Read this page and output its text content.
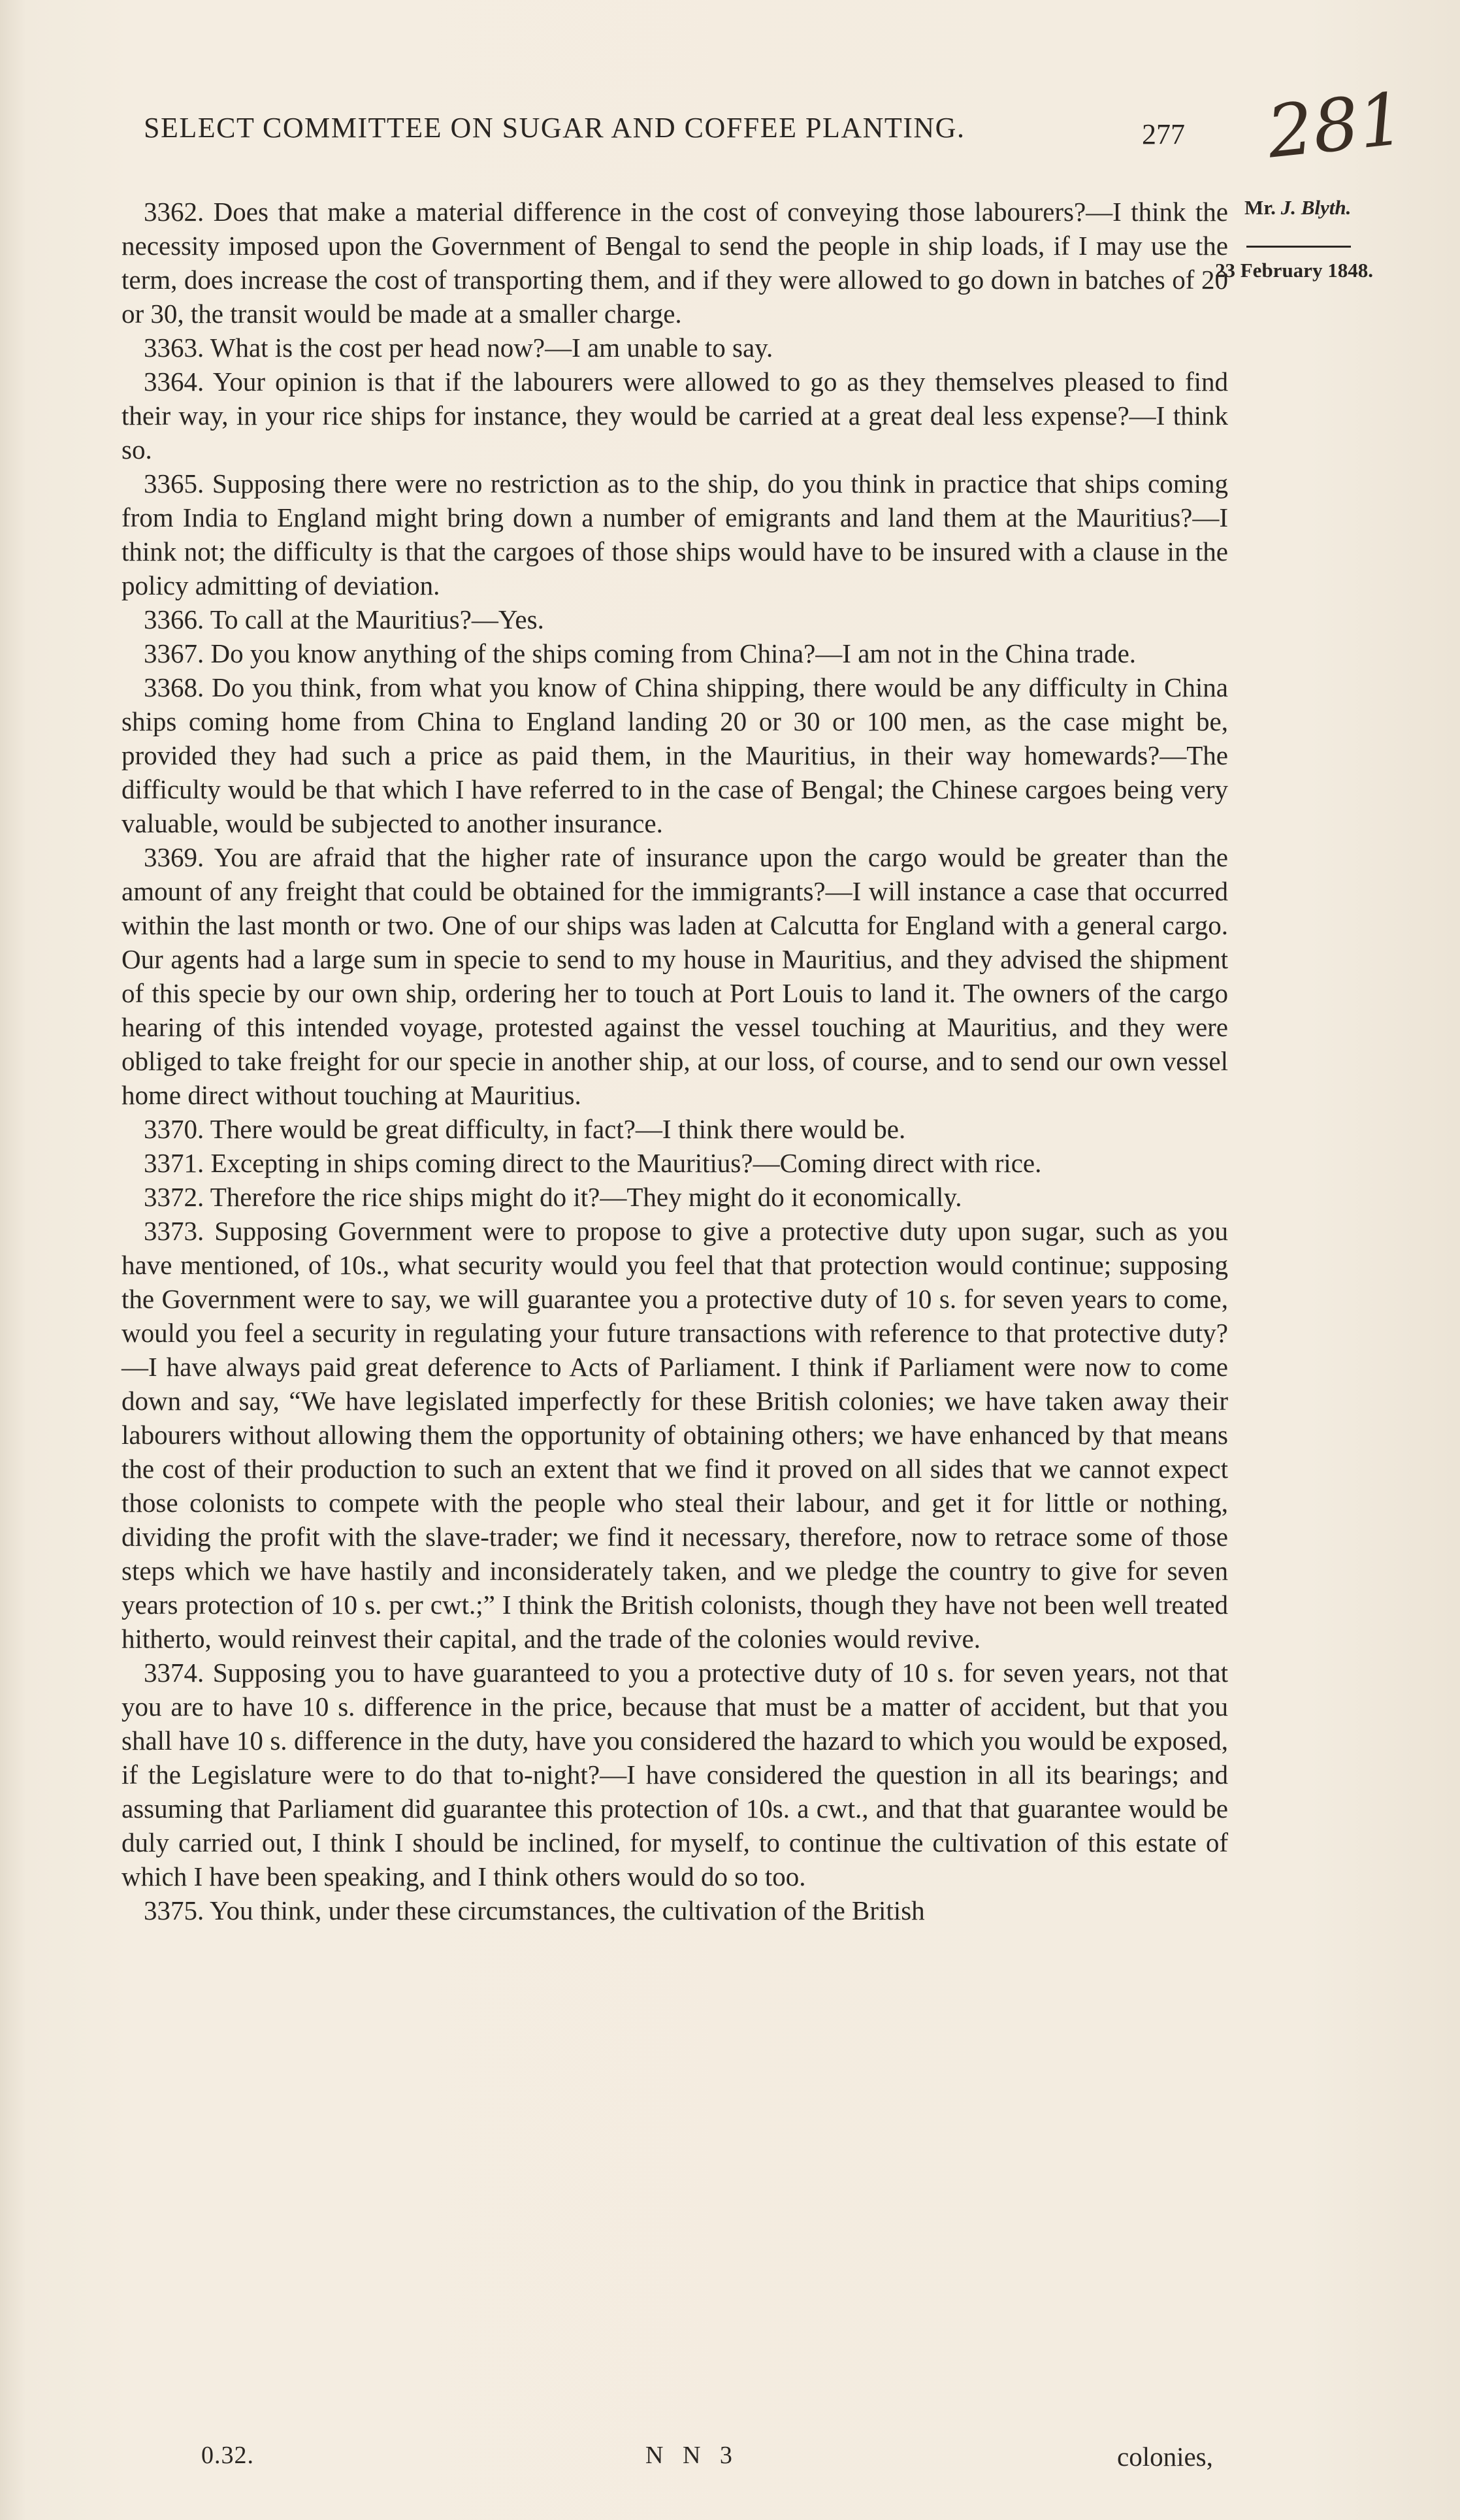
SELECT COMMITTEE ON SUGAR AND COFFEE PLANTING.	277 281
Mr. J. Blyth.
23 February 1848.

3362. Does that make a material difference in the cost of conveying those labourers?—I think the necessity imposed upon the Government of Bengal to send the people in ship loads, if I may use the term, does increase the cost of transporting them, and if they were allowed to go down in batches of 20 or 30, the transit would be made at a smaller charge.

3363. What is the cost per head now?—I am unable to say.

3364. Your opinion is that if the labourers were allowed to go as they themselves pleased to find their way, in your rice ships for instance, they would be carried at a great deal less expense?—I think so.

3365. Supposing there were no restriction as to the ship, do you think in practice that ships coming from India to England might bring down a number of emigrants and land them at the Mauritius?—I think not; the difficulty is that the cargoes of those ships would have to be insured with a clause in the policy admitting of deviation.

3366. To call at the Mauritius?—Yes.

3367. Do you know anything of the ships coming from China?—I am not in the China trade.

3368. Do you think, from what you know of China shipping, there would be any difficulty in China ships coming home from China to England landing 20 or 30 or 100 men, as the case might be, provided they had such a price as paid them, in the Mauritius, in their way homewards?—The difficulty would be that which I have referred to in the case of Bengal; the Chinese cargoes being very valuable, would be subjected to another insurance.

3369. You are afraid that the higher rate of insurance upon the cargo would be greater than the amount of any freight that could be obtained for the immigrants?—I will instance a case that occurred within the last month or two. One of our ships was laden at Calcutta for England with a general cargo. Our agents had a large sum in specie to send to my house in Mauritius, and they advised the shipment of this specie by our own ship, ordering her to touch at Port Louis to land it. The owners of the cargo hearing of this intended voyage, protested against the vessel touching at Mauritius, and they were obliged to take freight for our specie in another ship, at our loss, of course, and to send our own vessel home direct without touching at Mauritius.

3370. There would be great difficulty, in fact?—I think there would be.

3371. Excepting in ships coming direct to the Mauritius?—Coming direct with rice.

3372. Therefore the rice ships might do it?—They might do it economically.

3373. Supposing Government were to propose to give a protective duty upon sugar, such as you have mentioned, of 10s., what security would you feel that that protection would continue; supposing the Government were to say, we will guarantee you a protective duty of 10 s. for seven years to come, would you feel a security in regulating your future transactions with reference to that protective duty?—I have always paid great deference to Acts of Parliament. I think if Parliament were now to come down and say, “We have legislated imperfectly for these British colonies; we have taken away their labourers without allowing them the opportunity of obtaining others; we have enhanced by that means the cost of their production to such an extent that we find it proved on all sides that we cannot expect those colonists to compete with the people who steal their labour, and get it for little or nothing, dividing the profit with the slave-trader; we find it necessary, therefore, now to retrace some of those steps which we have hastily and inconsiderately taken, and we pledge the country to give for seven years protection of 10 s. per cwt.;” I think the British colonists, though they have not been well treated hitherto, would reinvest their capital, and the trade of the colonies would revive.

3374. Supposing you to have guaranteed to you a protective duty of 10 s. for seven years, not that you are to have 10 s. difference in the price, because that must be a matter of accident, but that you shall have 10 s. difference in the duty, have you considered the hazard to which you would be exposed, if the Legislature were to do that to-night?—I have considered the question in all its bearings; and assuming that Parliament did guarantee this protection of 10s. a cwt., and that that guarantee would be duly carried out, I think I should be inclined, for myself, to continue the cultivation of this estate of which I have been speaking, and I think others would do so too.

3375. You think, under these circumstances, the cultivation of the British

0.32.	N N 3	colonies,
